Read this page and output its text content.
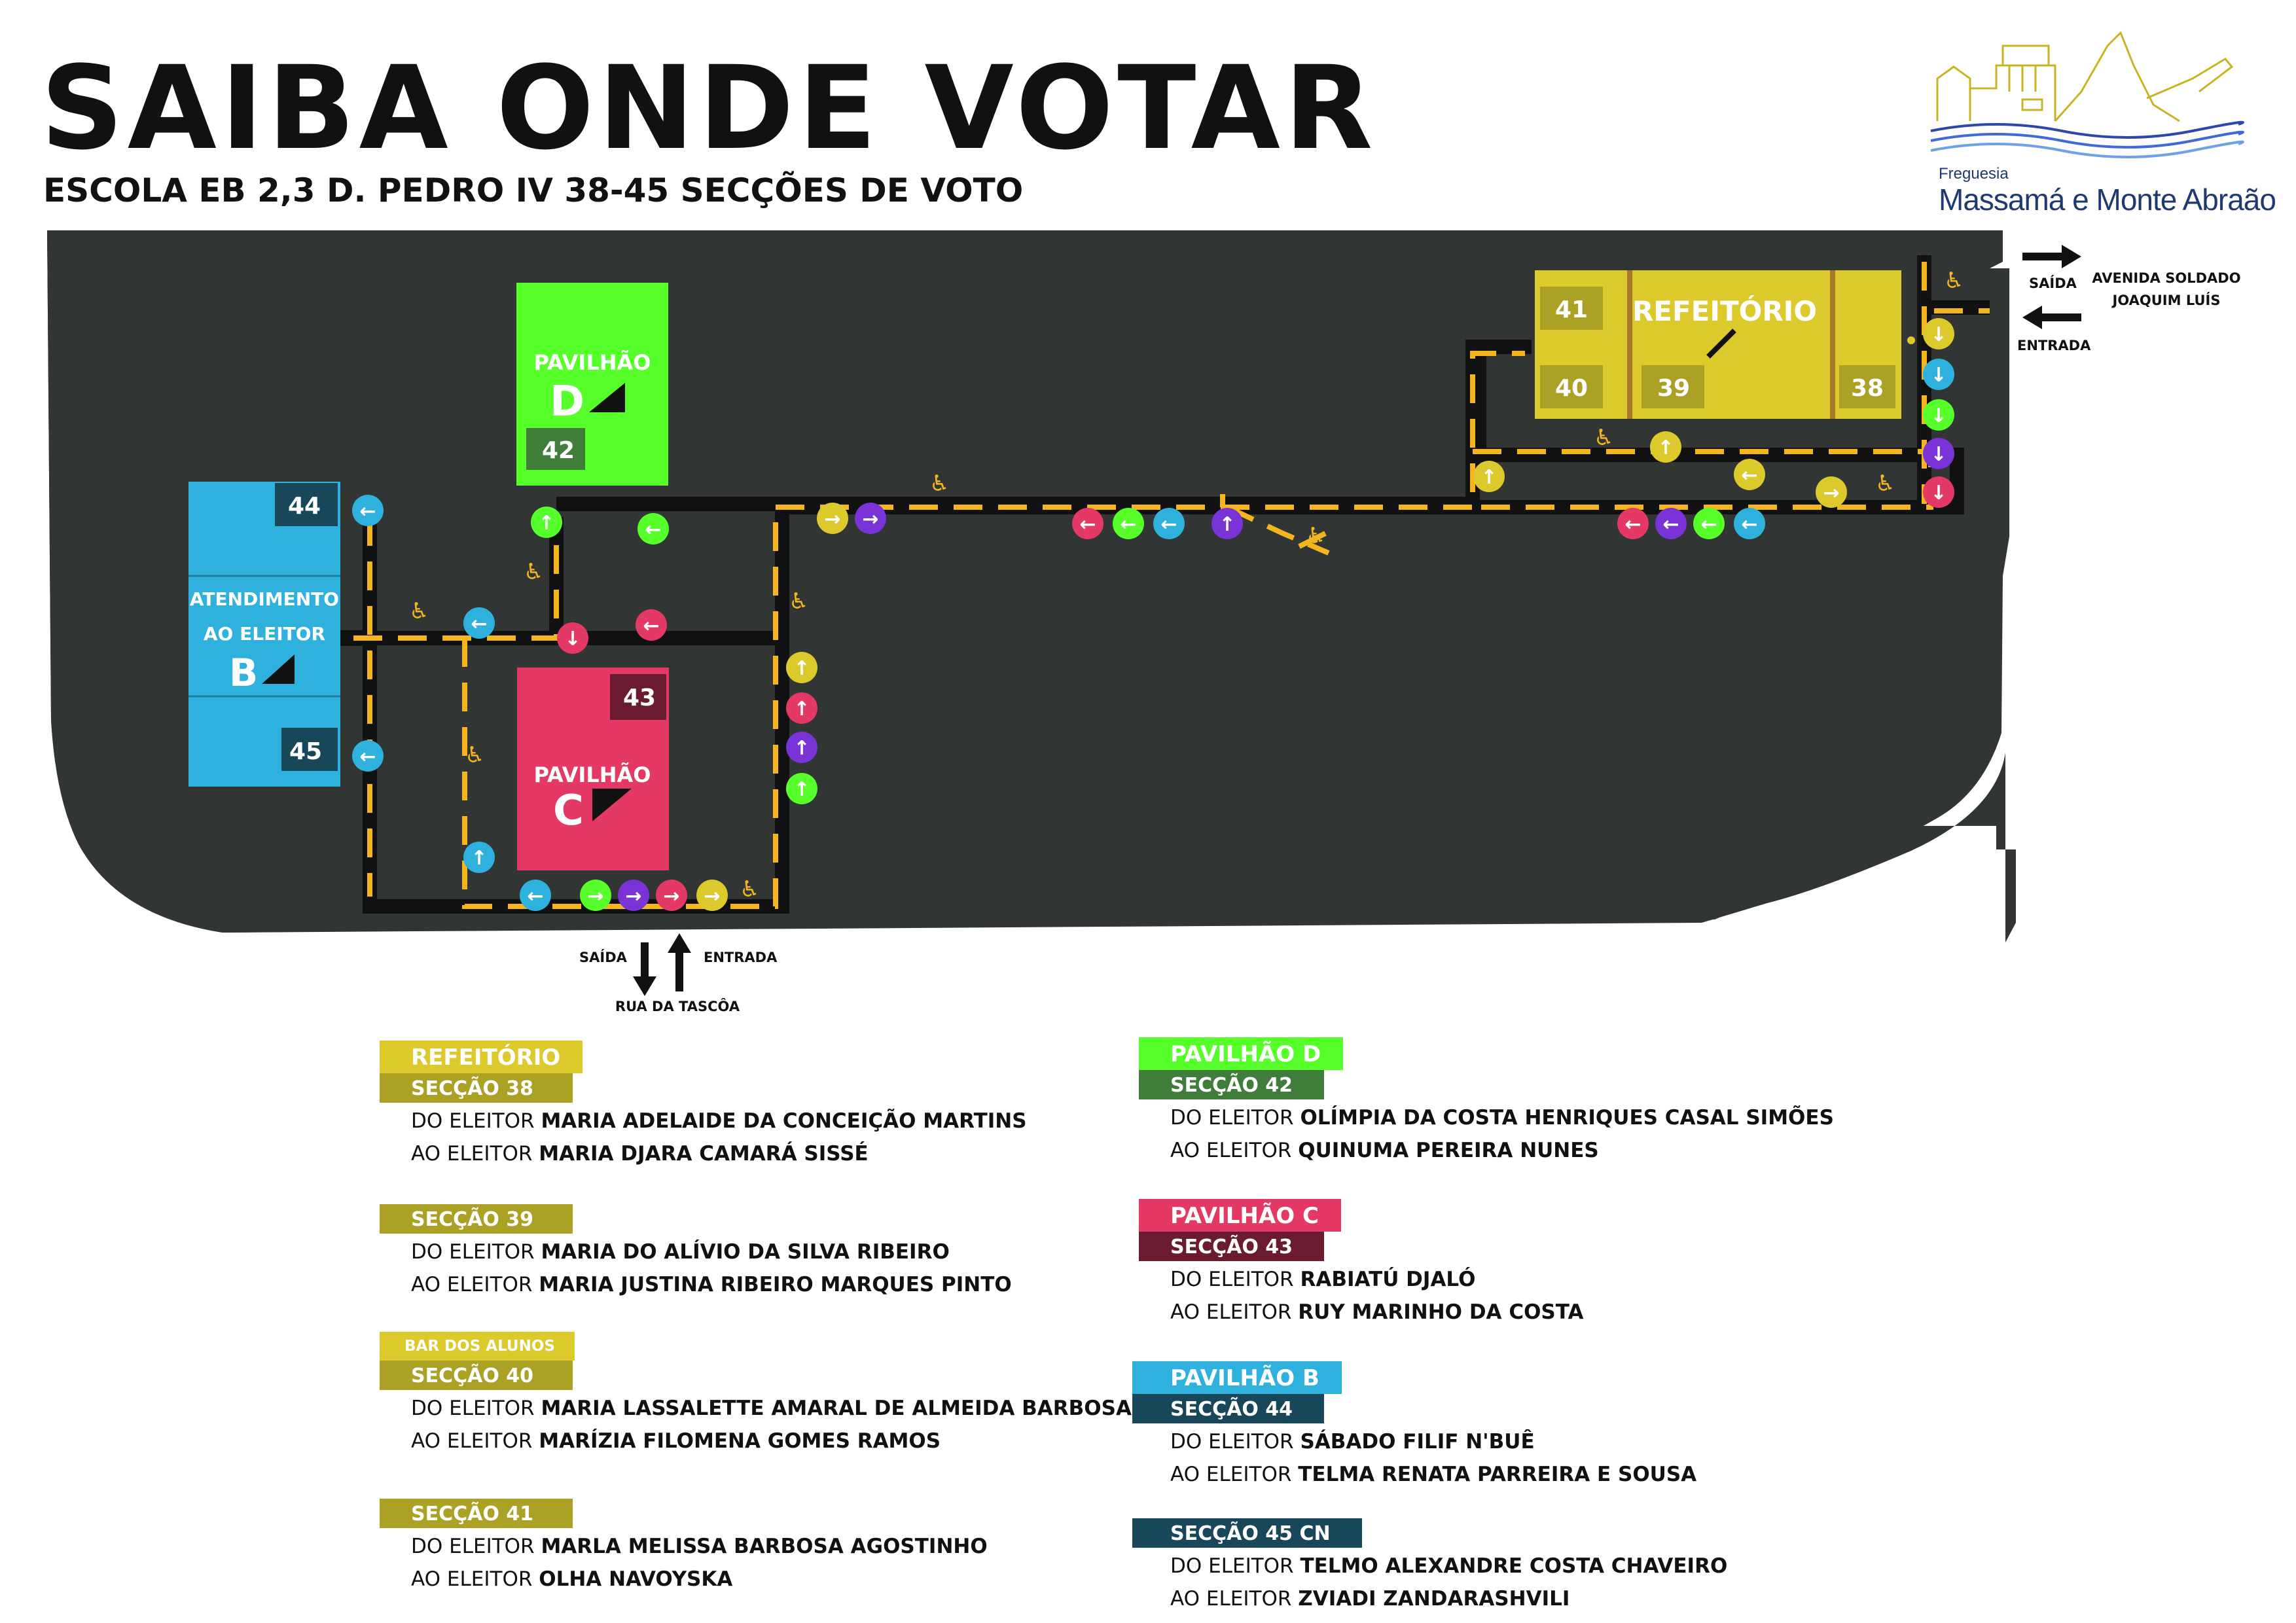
SAIBA ONDE VOTAR
ESCOLA EB 2,3 D. PEDRO IV 38-45 SECÇÕES DE VOTO	Freguesia
Massamá e Monte Abraão
44
45
ATENDIMENTO
AO ELEITOR
B
42
PAVILHÃO
D
43
PAVILHÃO
C
41
40	39	38
REFEITÓRIO
♿
♿
♿
♿
♿
♿
♿
♿
♿
♿
←
←
←
↑
↑	←
↓
←
← → → → →
↑
↑
↑
↑
→ →	← ← ← ↑	← ← ← ←
↑
↑
←
→
↓
↓
↓
↓
↓
SAÍDA
ENTRADA
AVENIDA SOLDADO
JOAQUIM LUÍS
SAÍDA	ENTRADA
RUA DA TASCÔA
REFEITÓRIO
SECÇÃO 38
DO ELEITOR MARIA ADELAIDE DA CONCEIÇÃO MARTINS
AO ELEITOR MARIA DJARA CAMARÁ SISSÉ
SECÇÃO 39
DO ELEITOR MARIA DO ALÍVIO DA SILVA RIBEIRO
AO ELEITOR MARIA JUSTINA RIBEIRO MARQUES PINTO
BAR DOS ALUNOS
SECÇÃO 40
DO ELEITOR MARIA LASSALETTE AMARAL DE ALMEIDA BARBOSA
AO ELEITOR MARÍZIA FILOMENA GOMES RAMOS
SECÇÃO 41
DO ELEITOR MARLA MELISSA BARBOSA AGOSTINHO
AO ELEITOR OLHA NAVOYSKA
PAVILHÃO D
SECÇÃO 42
DO ELEITOR OLÍMPIA DA COSTA HENRIQUES CASAL SIMÕES
AO ELEITOR QUINUMA PEREIRA NUNES
PAVILHÃO C
SECÇÃO 43
DO ELEITOR RABIATÚ DJALÓ
AO ELEITOR RUY MARINHO DA COSTA
PAVILHÃO B
SECÇÃO 44
DO ELEITOR SÁBADO FILIF N'BUÊ
AO ELEITOR TELMA RENATA PARREIRA E SOUSA
SECÇÃO 45 CN
DO ELEITOR TELMO ALEXANDRE COSTA CHAVEIRO
AO ELEITOR ZVIADI ZANDARASHVILI
